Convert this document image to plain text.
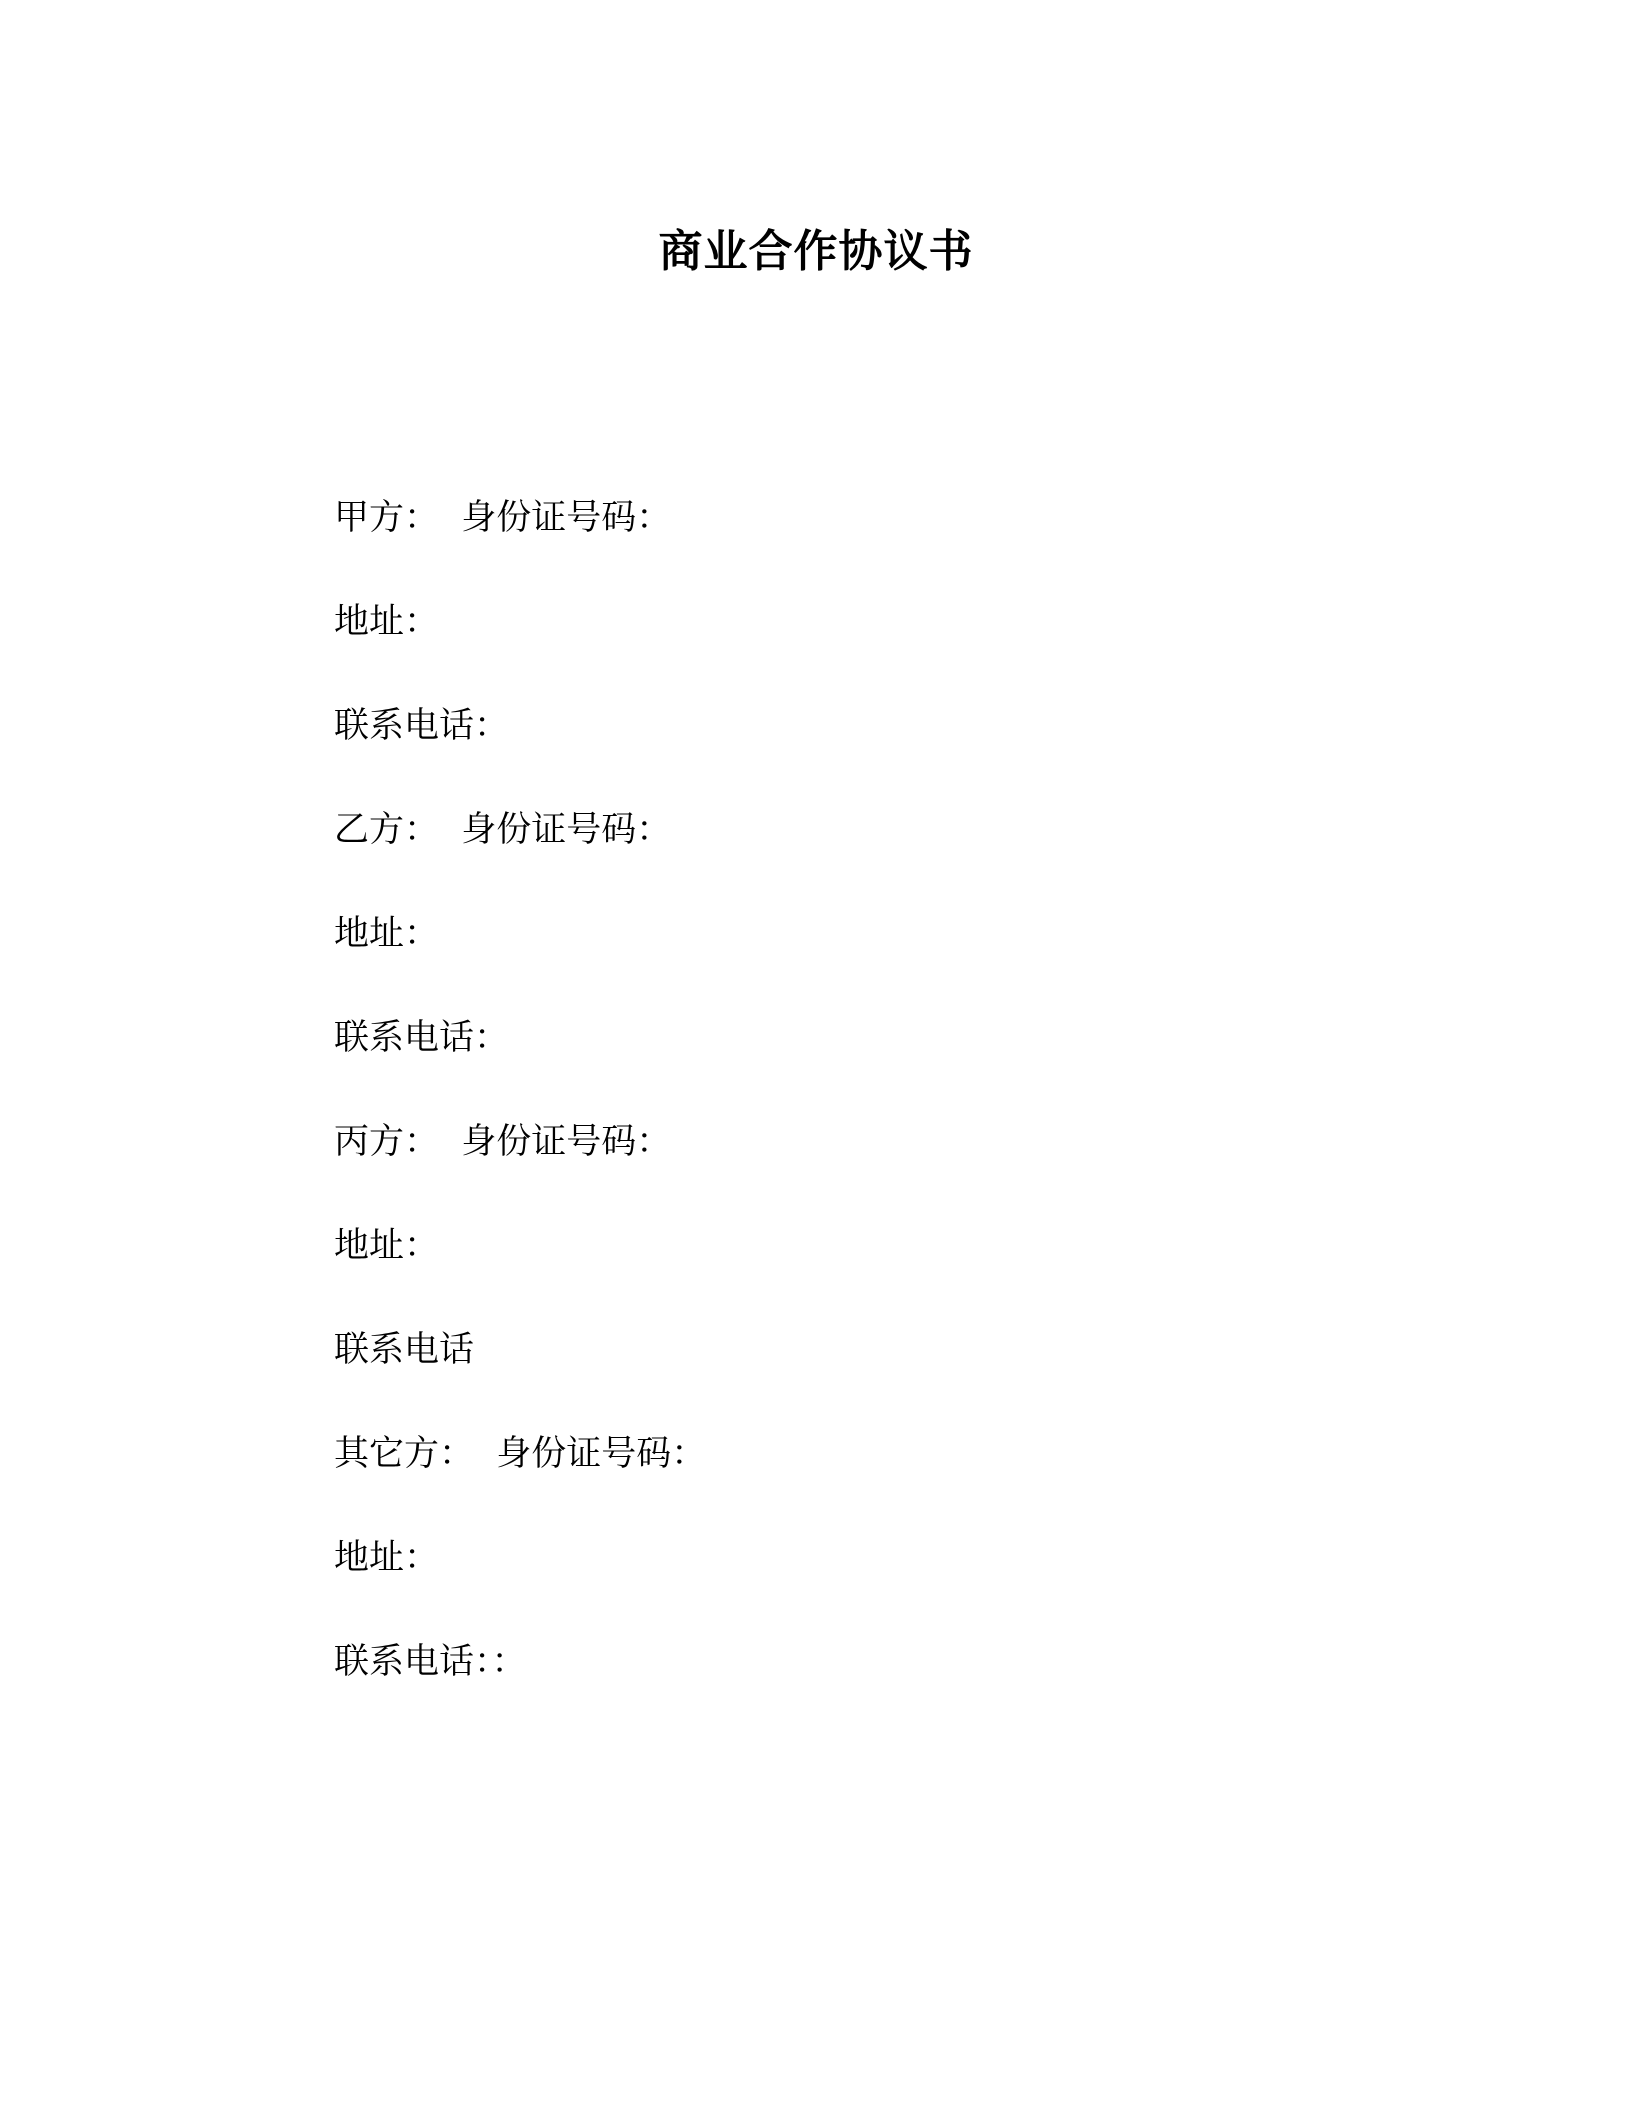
商业合作协议书
甲方：  身份证号码：
地址：
联系电话：
乙方：  身份证号码：
地址：
联系电话：
丙方：  身份证号码：
地址：
联系电话
其它方：  身份证号码：
地址：
联系电话：：
